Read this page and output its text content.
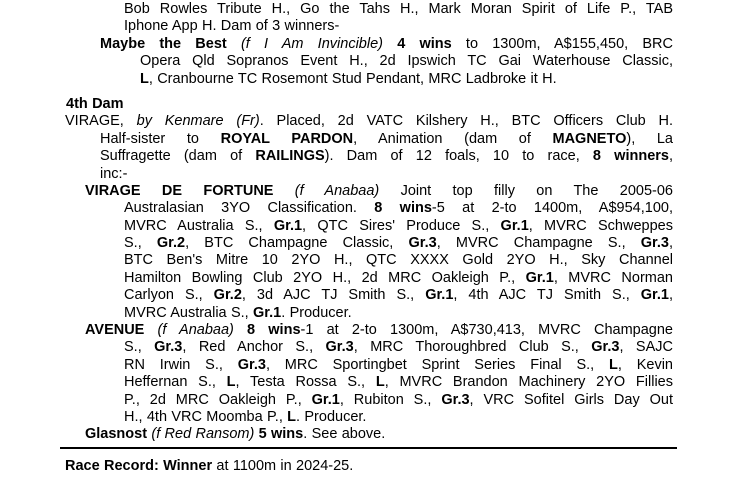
Bob Rowles Tribute H., Go the Tahs H., Mark Moran Spirit of Life P., TAB
Iphone App H. Dam of 3 winners-
Maybe the Best (f I Am Invincible) 4 wins to 1300m, A$155,450, BRC
Opera Qld Sopranos Event H., 2d Ipswich TC Gai Waterhouse Classic,
L, Cranbourne TC Rosemont Stud Pendant, MRC Ladbroke it H.
4th Dam
VIRAGE, by Kenmare (Fr). Placed, 2d VATC Kilshery H., BTC Officers Club H.
Half-sister to ROYAL PARDON, Animation (dam of MAGNETO), La
Suffragette (dam of RAILINGS). Dam of 12 foals, 10 to race, 8 winners,
inc:-
VIRAGE DE FORTUNE (f Anabaa) Joint top filly on The 2005-06
Australasian 3YO Classification. 8 wins-5 at 2-to 1400m, A$954,100,
MVRC Australia S., Gr.1, QTC Sires' Produce S., Gr.1, MVRC Schweppes
S., Gr.2, BTC Champagne Classic, Gr.3, MVRC Champagne S., Gr.3,
BTC Ben's Mitre 10 2YO H., QTC XXXX Gold 2YO H., Sky Channel
Hamilton Bowling Club 2YO H., 2d MRC Oakleigh P., Gr.1, MVRC Norman
Carlyon S., Gr.2, 3d AJC TJ Smith S., Gr.1, 4th AJC TJ Smith S., Gr.1,
MVRC Australia S., Gr.1. Producer.
AVENUE (f Anabaa) 8 wins-1 at 2-to 1300m, A$730,413, MVRC Champagne
S., Gr.3, Red Anchor S., Gr.3, MRC Thoroughbred Club S., Gr.3, SAJC
RN Irwin S., Gr.3, MRC Sportingbet Sprint Series Final S., L, Kevin
Heffernan S., L, Testa Rossa S., L, MVRC Brandon Machinery 2YO Fillies
P., 2d MRC Oakleigh P., Gr.1, Rubiton S., Gr.3, VRC Sofitel Girls Day Out
H., 4th VRC Moomba P., L. Producer.
Glasnost (f Red Ransom) 5 wins. See above.
Race Record: Winner at 1100m in 2024-25.
